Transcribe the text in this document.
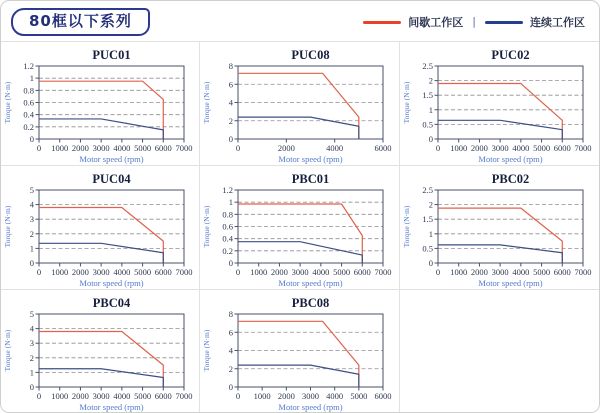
80框以下系列	间歇工作区 |	连续工作区
PUC01
Torque (N·m)
0
0.2
0.4
0.6
0.8
1
1.2
0 1000 2000 3000 4000 5000 6000 7000
Motor speed (rpm)
PUC08
Torque (N·m)
0
2
4
6
8
0	2000	4000	6000
Motor speed (rpm)
PUC02
Torque (N·m)
0
0.5
1
1.5
2
2.5
0 1000 2000 3000 4000 5000 6000 7000
Motor speed (rpm)
PUC04
Torque (N·m)
0
1
2
3
4
5
0 1000 2000 3000 4000 5000 6000 7000
Motor speed (rpm)
PBC01
Torque (N·m)
0
0.2
0.4
0.6
0.8
1
1.2
0 1000 2000 3000 4000 5000 6000 7000
Motor speed (rpm)
PBC02
Torque (N·m)
0
0.5
1
1.5
2
2.5
0 1000 2000 3000 4000 5000 6000 7000
Motor speed (rpm)
PBC04
Torque (N·m)
0
1
2
3
4
5
0 1000 2000 3000 4000 5000 6000 7000
Motor speed (rpm)
PBC08
Torque (N·m)
0
2
4
6
8
0 1000 2000 3000 4000 5000 6000
Motor speed (rpm)
